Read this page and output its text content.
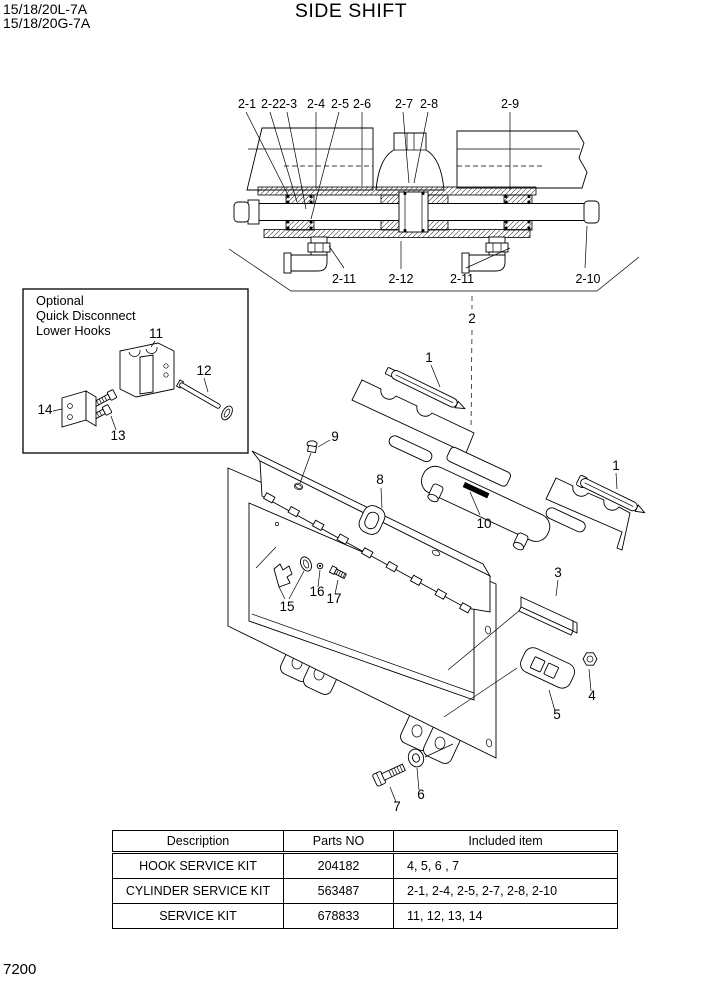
15/18/20L-7A
15/18/20G-7A
SIDE SHIFT
2-1 2-2 2-3 2-4 2-5 2-6 2-7 2-8	2-9
2-11	2-12	2-11	2-10
Optional
Quick Disconnect
Lower Hooks	11
12
13
14
1
2
8
9
10
1
3
4
5
6
7
15
16 17
Description	Parts NO	Included item
HOOK SERVICE KIT	204182	4, 5, 6 , 7
CYLINDER SERVICE KIT	563487	2-1, 2-4, 2-5, 2-7, 2-8, 2-10
SERVICE KIT	678833	11, 12, 13, 14
7200
